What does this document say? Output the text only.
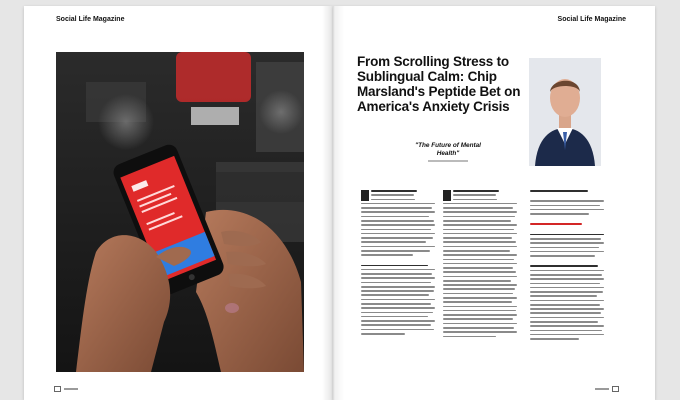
Social Life Magazine	Social Life Magazine
From Scrolling Stress to Sublingual Calm: Chip Marsland's Peptide Bet on America's Anxiety Crisis
"The Future of Mental Health"
